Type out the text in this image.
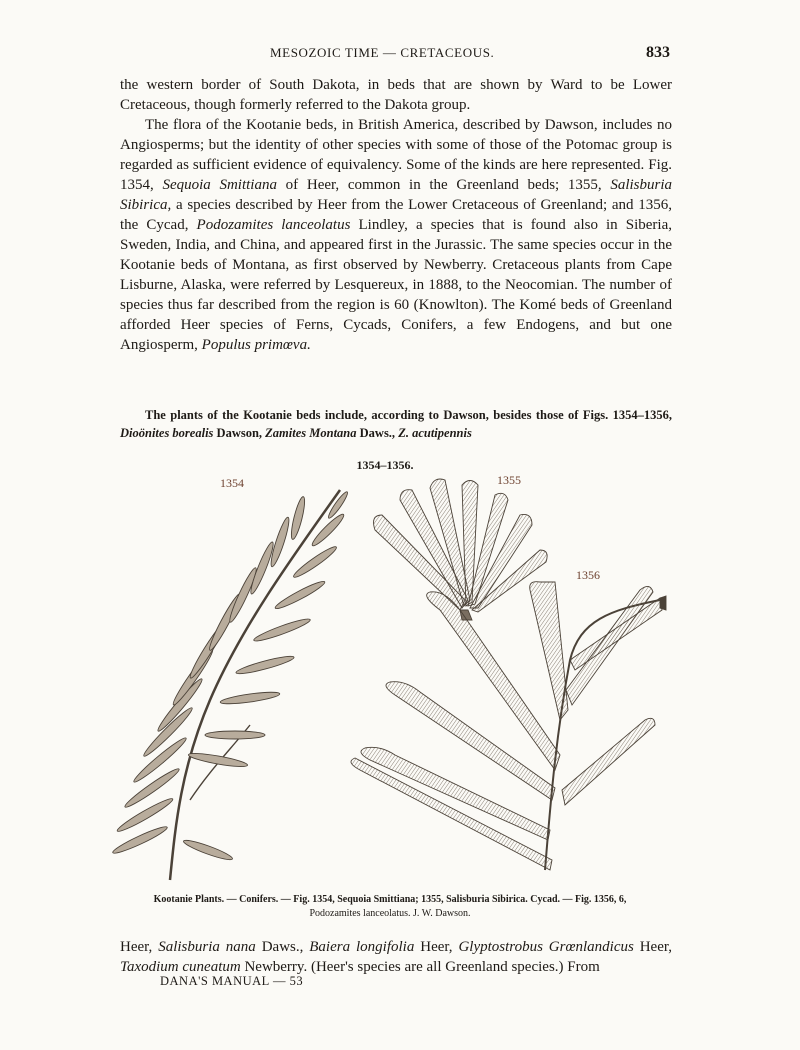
MESOZOIC TIME — CRETACEOUS.	833

the western border of South Dakota, in beds that are shown by Ward to be Lower Cretaceous, though formerly referred to the Dakota group.

The flora of the Kootanie beds, in British America, described by Dawson, includes no Angiosperms; but the identity of other species with some of those of the Potomac group is regarded as sufficient evidence of equivalency. Some of the kinds are here represented. Fig. 1354, Sequoia Smittiana of Heer, common in the Greenland beds; 1355, Salisburia Sibirica, a species described by Heer from the Lower Cretaceous of Greenland; and 1356, the Cycad, Podozamites lanceolatus Lindley, a species that is found also in Siberia, Sweden, India, and China, and appeared first in the Jurassic. The same species occur in the Kootanie beds of Montana, as first observed by Newberry. Cretaceous plants from Cape Lisburne, Alaska, were referred by Lesquereux, in 1888, to the Neocomian. The number of species thus far described from the region is 60 (Knowlton). The Komé beds of Greenland afforded Heer species of Ferns, Cycads, Conifers, a few Endogens, and but one Angiosperm, Populus primœva.

The plants of the Kootanie beds include, according to Dawson, besides those of Figs. 1354–1356, Dioönites borealis Dawson, Zamites Montana Daws., Z. acutipennis

1354–1356.
1354	1355
1356
Kootanie Plants. — Conifers. — Fig. 1354, Sequoia Smittiana; 1355, Salisburia Sibirica. Cycad. — Fig. 1356, 6,
Podozamites lanceolatus. J. W. Dawson.

Heer, Salisburia nana Daws., Baiera longifolia Heer, Glyptostrobus Grœnlandicus Heer, Taxodium cuneatum Newberry. (Heer's species are all Greenland species.) From

DANA'S MANUAL — 53
